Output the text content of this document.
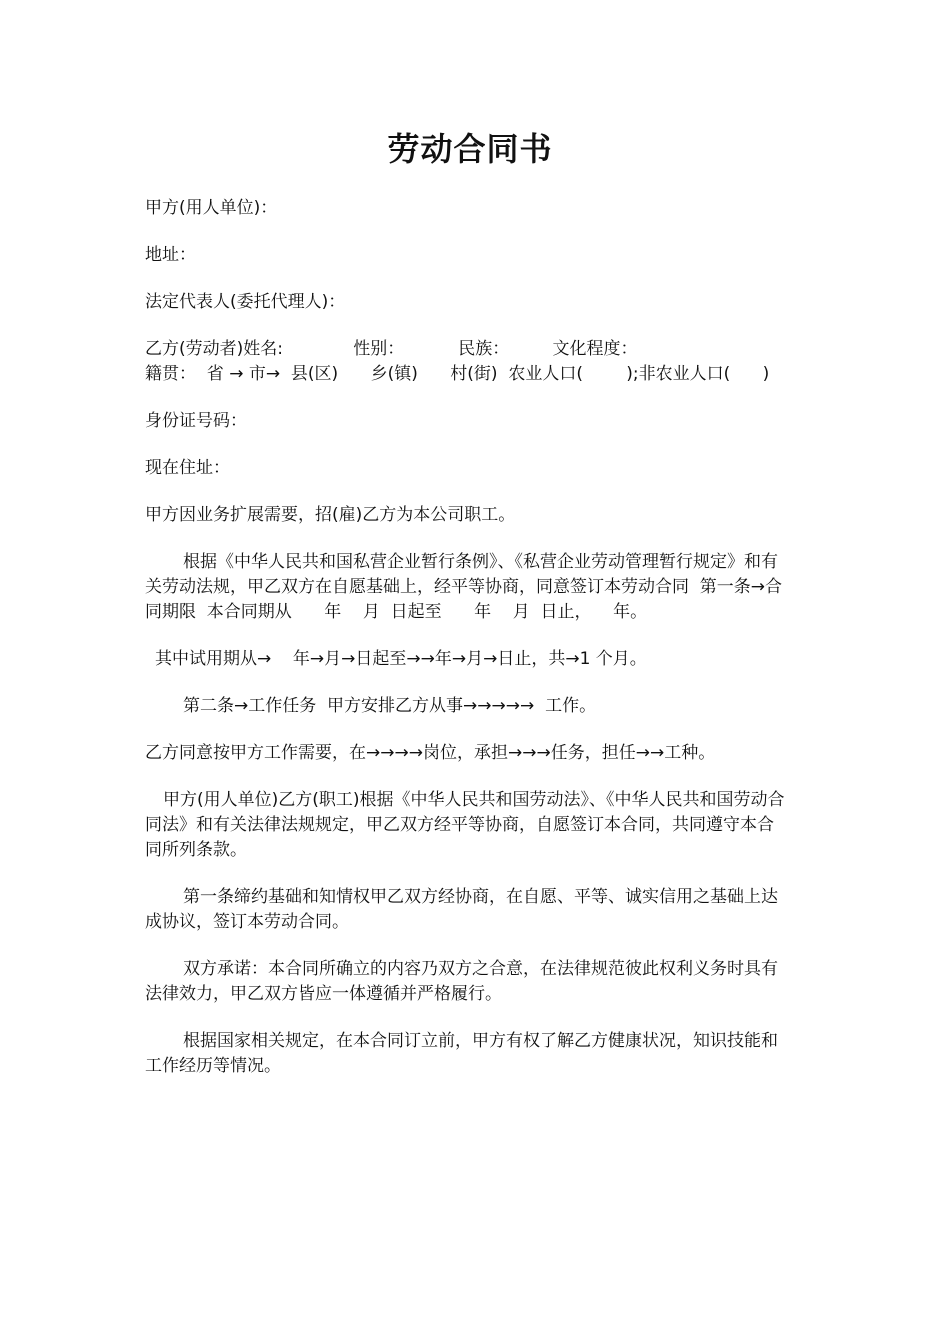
劳动合同书

甲方(用人单位)：

地址：

法定代表人(委托代理人)：

乙方(劳动者)姓名:             性别：          民族：        文化程度：

籍贯：  省 → 市→  县(区)      乡(镇)      村(街)  农业人口(        );非农业人口(      )

身份证号码：

现在住址：

甲方因业务扩展需要，招(雇)乙方为本公司职工。

根据《中华人民共和国私营企业暂行条例》、《私营企业劳动管理暂行规定》和有关劳动法规，甲乙双方在自愿基础上，经平等协商，同意签订本劳动合同  第一条→合同期限  本合同期从      年    月  日起至      年    月  日止，    年。

其中试用期从→    年→月→日起至→→年→月→日止，共→1 个月。

第二条→工作任务  甲方安排乙方从事→→→→→  工作。

乙方同意按甲方工作需要，在→→→→岗位，承担→→→任务，担任→→工种。

甲方(用人单位)乙方(职工)根据《中华人民共和国劳动法》、《中华人民共和国劳动合同法》和有关法律法规规定，甲乙双方经平等协商，自愿签订本合同，共同遵守本合同所列条款。

第一条缔约基础和知情权甲乙双方经协商，在自愿、平等、诚实信用之基础上达成协议，签订本劳动合同。

双方承诺：本合同所确立的内容乃双方之合意，在法律规范彼此权利义务时具有法律效力，甲乙双方皆应一体遵循并严格履行。

根据国家相关规定，在本合同订立前，甲方有权了解乙方健康状况，知识技能和工作经历等情况。
